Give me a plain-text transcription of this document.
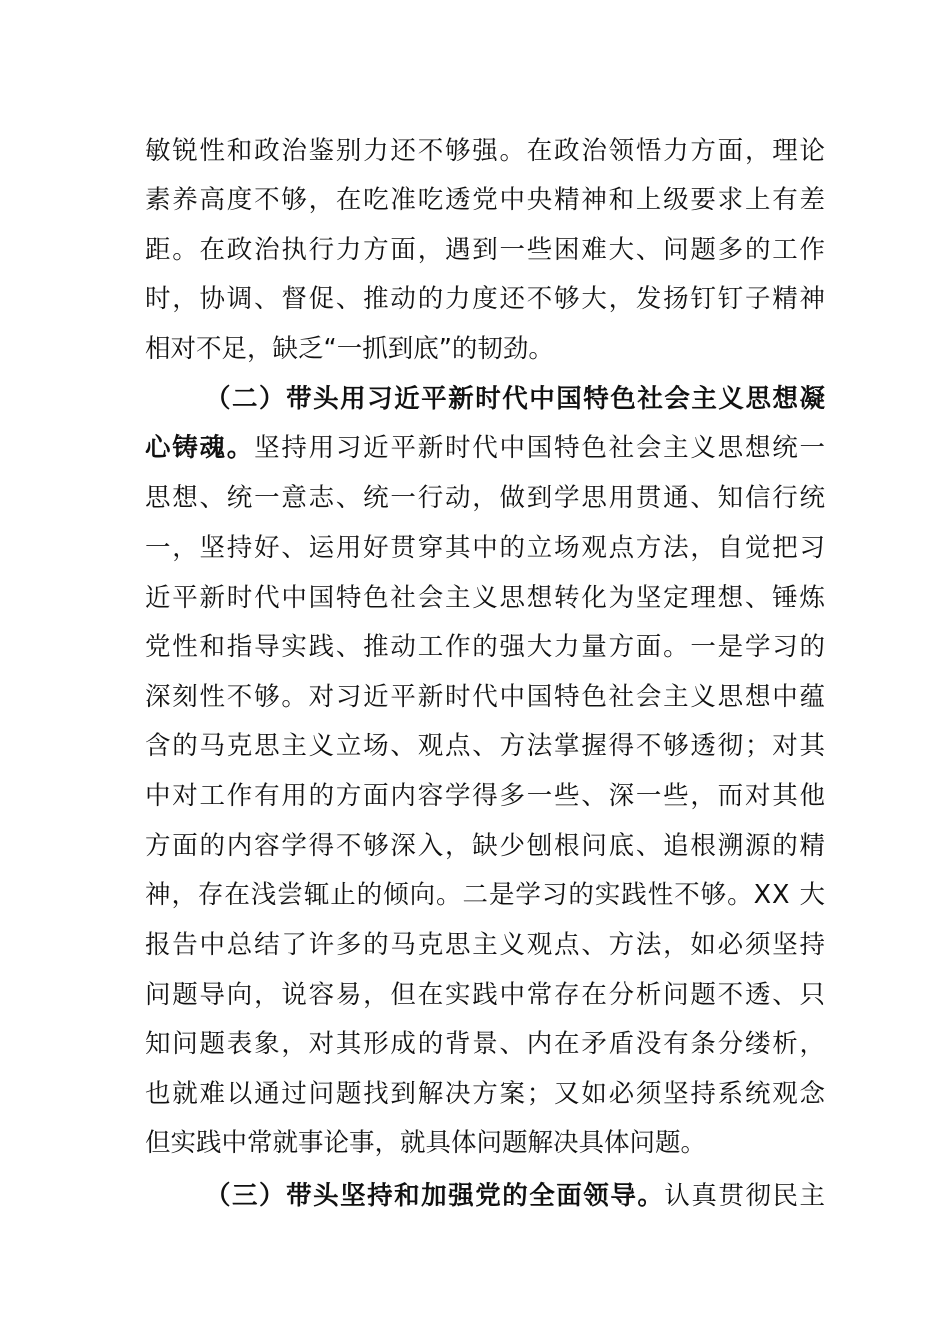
敏锐性和政治鉴别力还不够强。在政治领悟力方面，理论
素养高度不够，在吃准吃透党中央精神和上级要求上有差
距。在政治执行力方面，遇到一些困难大、问题多的工作
时，协调、督促、推动的力度还不够大，发扬钉钉子精神
相对不足，缺乏“一抓到底”的韧劲。
（二）带头用习近平新时代中国特色社会主义思想凝
心铸魂。坚持用习近平新时代中国特色社会主义思想统一
思想、统一意志、统一行动，做到学思用贯通、知信行统
一，坚持好、运用好贯穿其中的立场观点方法，自觉把习
近平新时代中国特色社会主义思想转化为坚定理想、锤炼
党性和指导实践、推动工作的强大力量方面。一是学习的
深刻性不够。对习近平新时代中国特色社会主义思想中蕴
含的马克思主义立场、观点、方法掌握得不够透彻；对其
中对工作有用的方面内容学得多一些、深一些，而对其他
方面的内容学得不够深入，缺少刨根问底、追根溯源的精
神，存在浅尝辄止的倾向。二是学习的实践性不够。XX 大
报告中总结了许多的马克思主义观点、方法，如必须坚持
问题导向，说容易，但在实践中常存在分析问题不透、只
知问题表象，对其形成的背景、内在矛盾没有条分缕析，
也就难以通过问题找到解决方案；又如必须坚持系统观念
但实践中常就事论事，就具体问题解决具体问题。
（三）带头坚持和加强党的全面领导。认真贯彻民主
